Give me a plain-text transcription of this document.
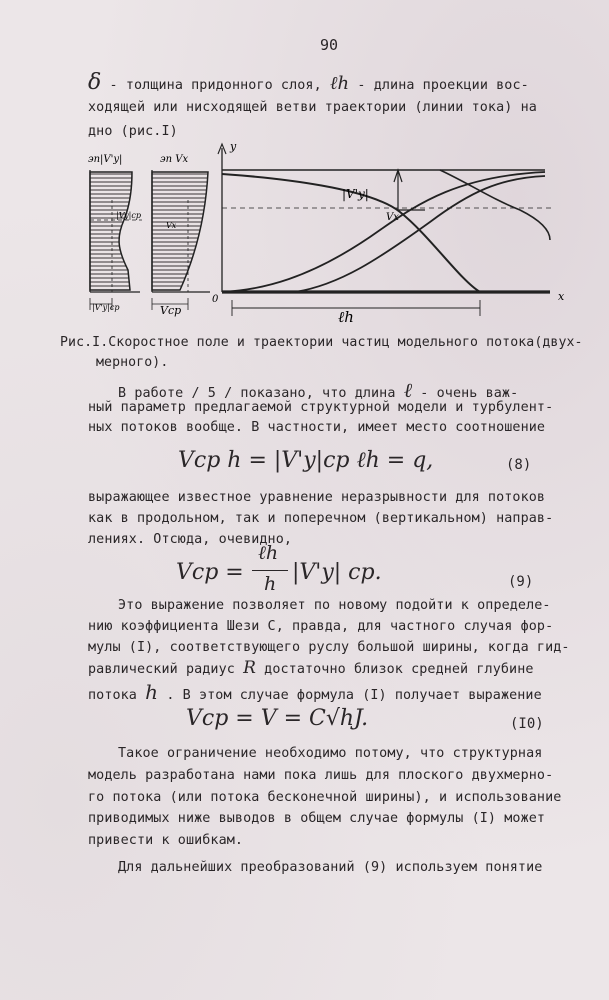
90
δ - толщина придонного слоя, ℓh - длина проекции вос-
ходящей или нисходящей ветви траектории (линии тока) на
дно (рис.I)
эп|V'y|
|Vy|cp
|V'y|cp
эп Vx
Vx
Vcp
y
x
0
|V'y|
Vx
ℓh
Рис.I.Скоростное поле и траектории частиц модельного потока(двух-
мерного).
В работе / 5 / показано, что длина ℓ - очень важ-
ный параметр предлагаемой структурной модели и турбулент-
ных потоков вообще. В частности, имеет место соотношение
Vcp h = |V'y|cp ℓh = q,	(8)
выражающее известное уравнение неразрывности для потоков
как в продольном, так и поперечном (вертикальном) направ-
лениях. Отсюда, очевидно,
Vcp =
ℓh
h |V'y| cp.	(9)
Это выражение позволяет по новому подойти к определе-
нию коэффициента Шези С, правда, для частного случая фор-
мулы (I), соответствующего руслу большой ширины, когда гид-
равлический радиус R достаточно близок средней глубине
потока h . В этом случае формула (I) получает выражение
Vcp = V = C√hJ.	(I0)
Такое ограничение необходимо потому, что структурная
модель разработана нами пока лишь для плоского двухмерно-
го потока (или потока бесконечной ширины), и использование
приводимых ниже выводов в общем случае формулы (I) может
привести к ошибкам.
Для дальнейших преобразований (9) используем понятие
